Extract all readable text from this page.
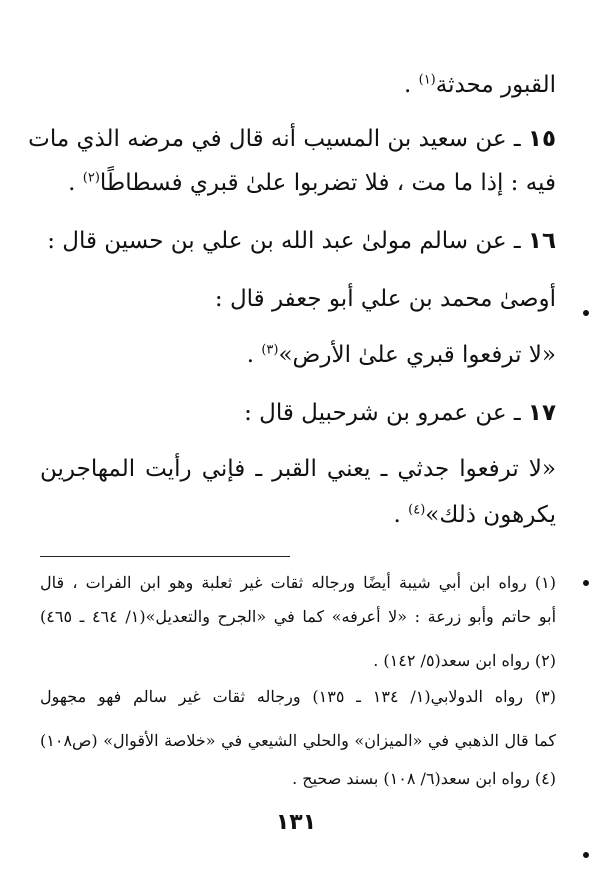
القبور محدثة$^{(١)}$ .
١٥ ـ عن سعيد بن المسيب أنه قال في مرضه الذي مات
فيه : إذا ما مت ، فلا تضربوا علىٰ قبري فسطاطًا$^{(٢)}$ .
١٦ ـ عن سالم مولىٰ عبد الله بن علي بن حسين قال :
أوصىٰ محمد بن علي أبو جعفر قال :
«لا ترفعوا قبري علىٰ الأرض»$^{(٣)}$ .
١٧ ـ عن عمرو بن شرحبيل قال :
«لا ترفعوا جدثي ـ يعني القبر ـ فإني رأيت المهاجرين
يكرهون ذلك»$^{(٤)}$ .
(١) رواه ابن أبي شيبة أيضًا ورجاله ثقات غير ثعلبة وهو ابن الفرات ، قال
أبو حاتم وأبو زرعة : «لا أعرفه» كما في «الجرح والتعديل»(١/ ٤٦٤ ـ ٤٦٥)
(٢) رواه ابن سعد(٥/ ١٤٢) .
(٣) رواه الدولابي(١/ ١٣٤ ـ ١٣٥) ورجاله ثقات غير سالم فهو مجهول
كما قال الذهبي في «الميزان» والحلي الشيعي في «خلاصة الأقوال» (ص١٠٨)
(٤) رواه ابن سعد(٦/ ١٠٨) بسند صحيح .
١٣١
